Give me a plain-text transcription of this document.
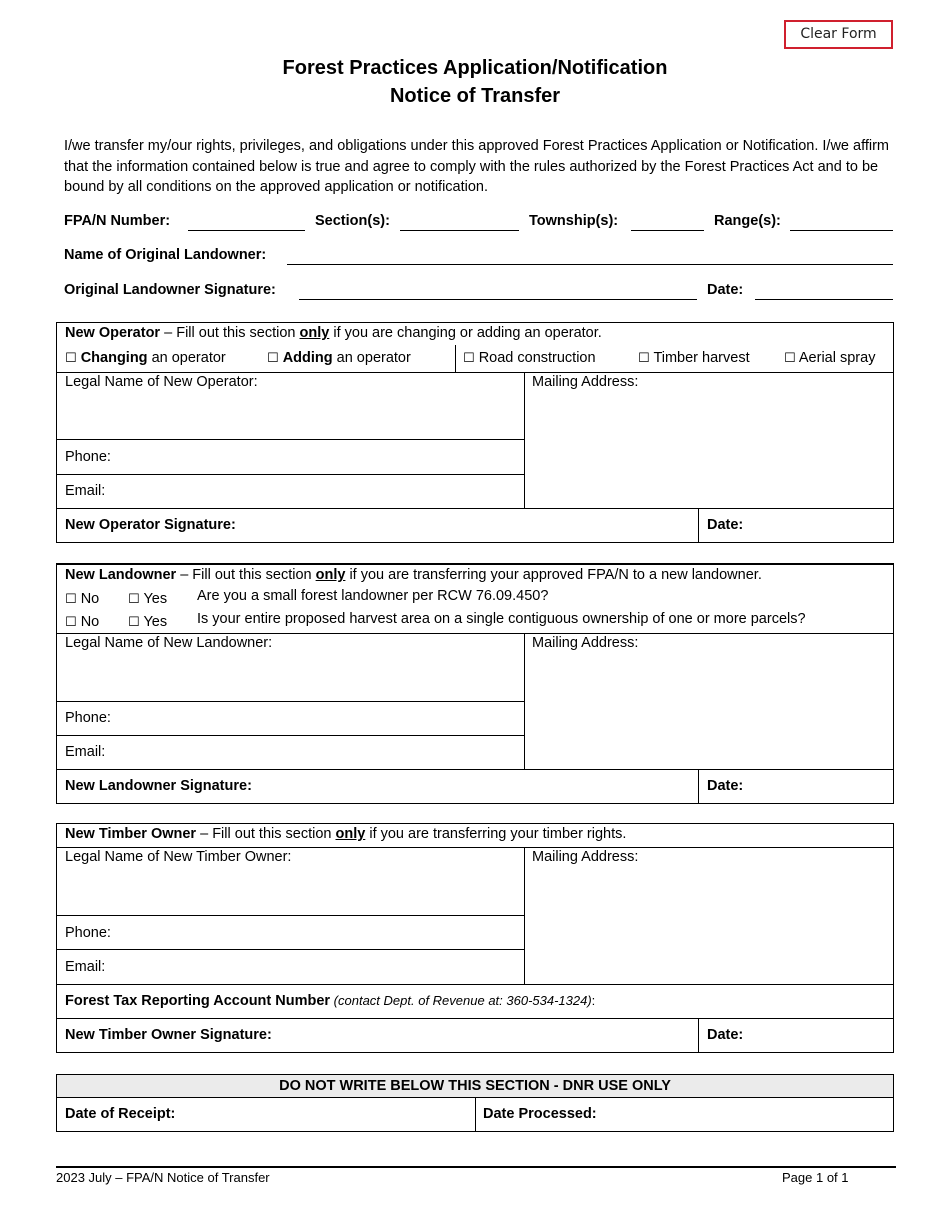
Clear Form
Forest Practices Application/Notification
Notice of Transfer
I/we transfer my/our rights, privileges, and obligations under this approved Forest Practices Application or Notification. I/we affirm that the information contained below is true and agree to comply with the rules authorized by the Forest Practices Act and to be bound by all conditions on the approved application or notification.
FPA/N Number:	Section(s):	Township(s):	Range(s):
Name of Original Landowner:
Original Landowner Signature:	Date:
New Operator – Fill out this section only if you are changing or adding an operator.
☐ Changing an operator	☐ Adding an operator	☐ Road construction	☐ Timber harvest	☐ Aerial spray
Legal Name of New Operator:	Mailing Address:
Phone:
Email:
New Operator Signature:	Date:
New Landowner – Fill out this section only if you are transferring your approved FPA/N to a new landowner.
☐ No ☐ Yes Are you a small forest landowner per RCW 76.09.450?
☐ No ☐ Yes Is your entire proposed harvest area on a single contiguous ownership of one or more parcels?
Legal Name of New Landowner:	Mailing Address:
Phone:
Email:
New Landowner Signature:	Date:
New Timber Owner – Fill out this section only if you are transferring your timber rights.
Legal Name of New Timber Owner:	Mailing Address:
Phone:
Email:
Forest Tax Reporting Account Number (contact Dept. of Revenue at: 360-534-1324):
New Timber Owner Signature:	Date:
DO NOT WRITE BELOW THIS SECTION - DNR USE ONLY
Date of Receipt:	Date Processed:
2023 July – FPA/N Notice of Transfer	Page 1 of 1
